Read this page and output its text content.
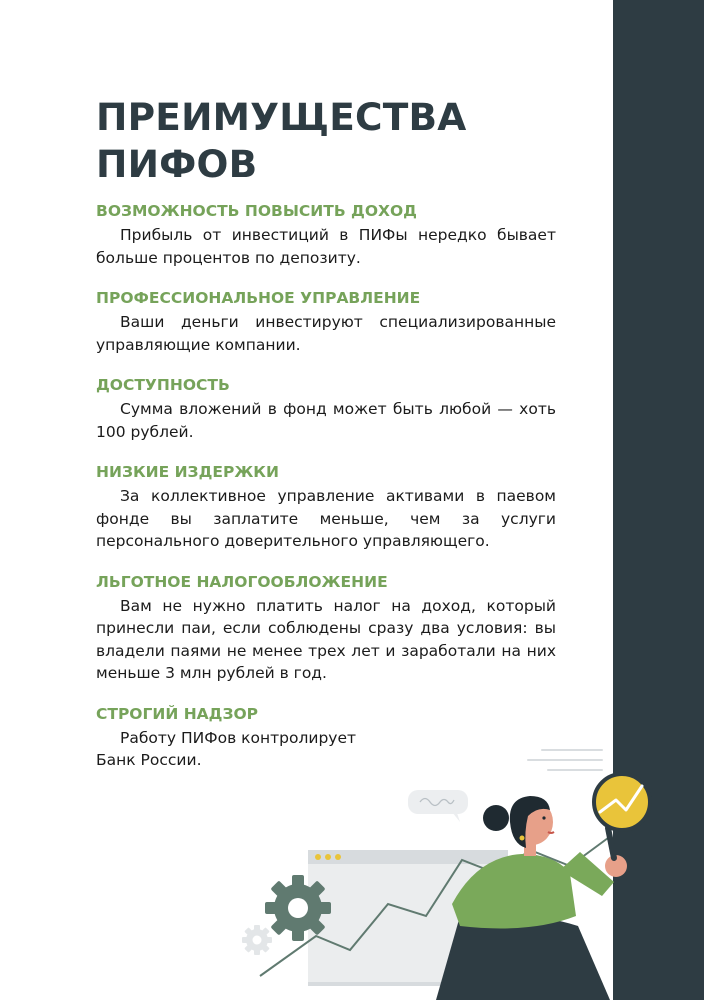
ПРЕИМУЩЕСТВА ПИФОВ
ВОЗМОЖНОСТЬ ПОВЫСИТЬ ДОХОД

Прибыль от инвестиций в ПИФы нередко бывает больше процентов по депозиту.

ПРОФЕССИОНАЛЬНОЕ УПРАВЛЕНИЕ

Ваши деньги инвестируют специализированные управляющие компании.

ДОСТУПНОСТЬ

Сумма вложений в фонд может быть любой — хоть 100 рублей.

НИЗКИЕ ИЗДЕРЖКИ

За коллективное управление активами в паевом фонде вы заплатите меньше, чем за услуги персонального доверительного управляющего.

ЛЬГОТНОЕ НАЛОГООБЛОЖЕНИЕ

Вам не нужно платить налог на доход, который принесли паи, если соблюдены сразу два условия: вы владели паями не менее трех лет и заработали на них меньше 3 млн рублей в год.

СТРОГИЙ НАДЗОР

Работу ПИФов контролирует Банк России.
